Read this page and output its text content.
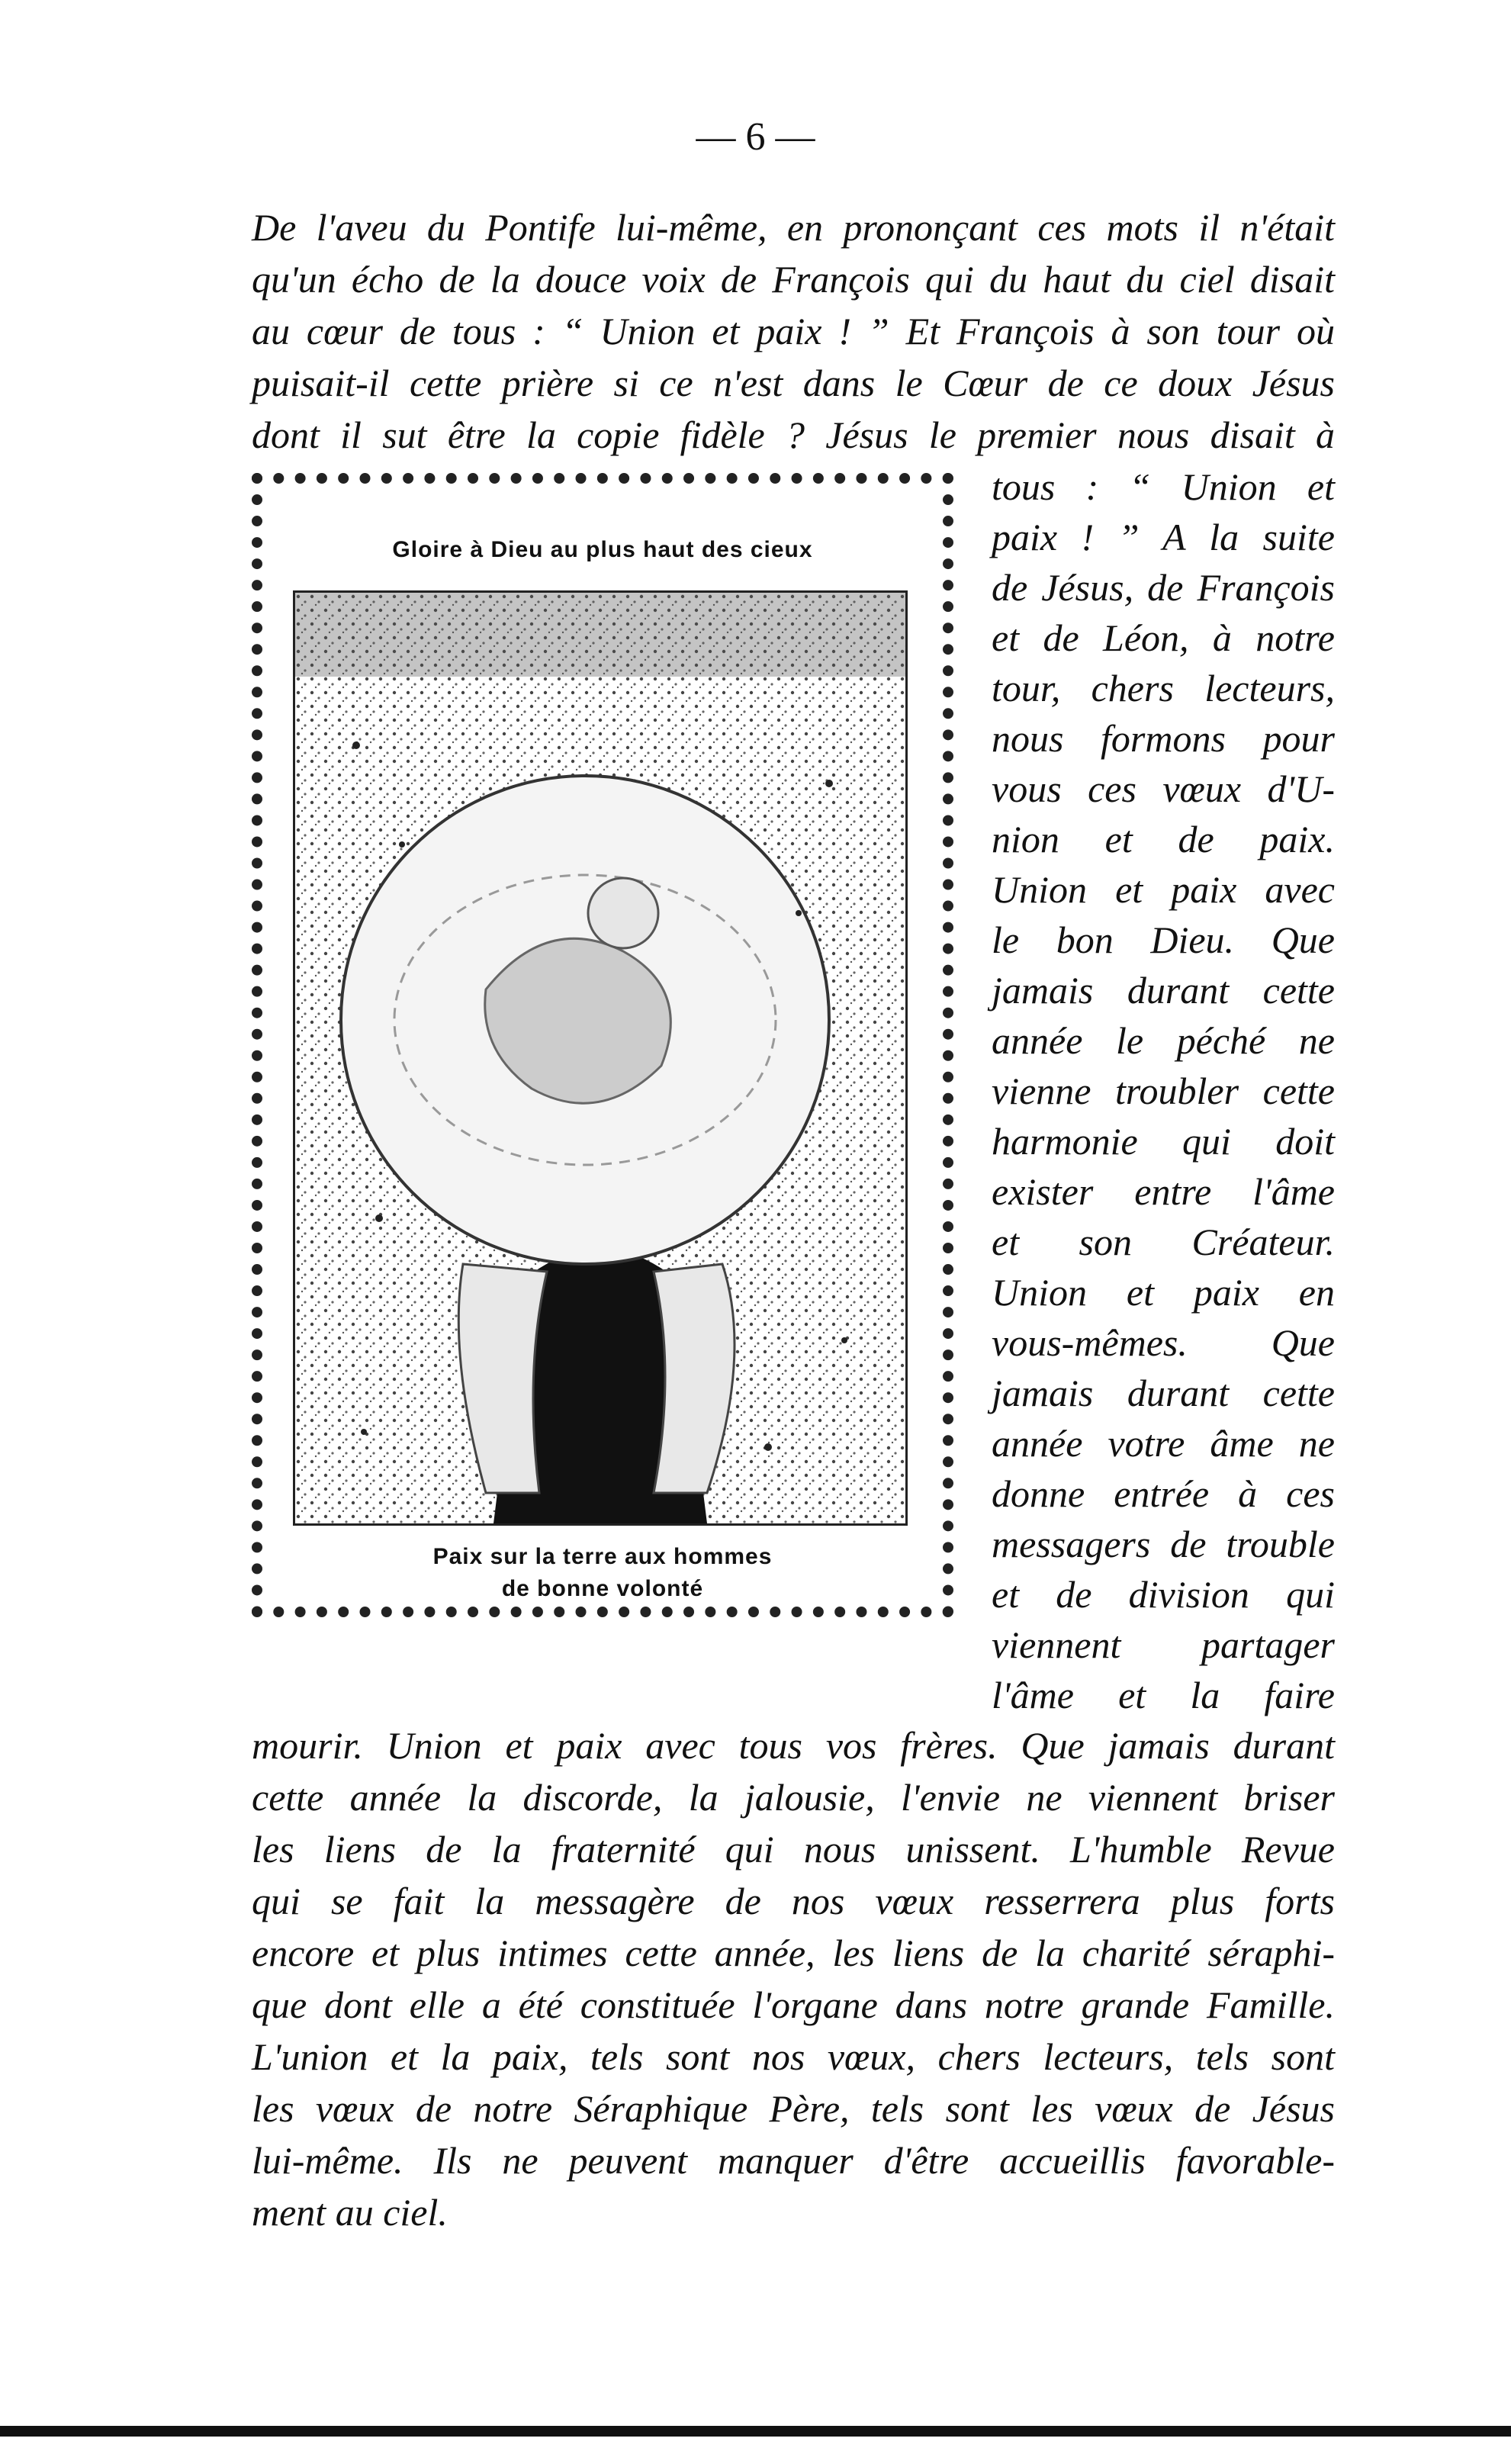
— 6 —
De l'aveu du Pontife lui-même, en prononçant ces mots il n'était
qu'un écho de la douce voix de François qui du haut du ciel disait
au cœur de tous : “ Union et paix ! ” Et François à son tour où
puisait-il cette prière si ce n'est dans le Cœur de ce doux Jésus
dont il sut être la copie fidèle ? Jésus le premier nous disait à
Gloire à Dieu au plus haut des cieux
Paix sur la terre aux hommes
de bonne volonté
tous : “ Union et
paix ! ” A la suite
de Jésus, de François
et de Léon, à notre
tour, chers lecteurs,
nous formons pour
vous ces vœux d'U-
nion et de paix.
Union et paix avec
le bon Dieu. Que
jamais durant cette
année le péché ne
vienne troubler cette
harmonie qui doit
exister entre l'âme
et son Créateur.
Union et paix en
vous-mêmes. Que
jamais durant cette
année votre âme ne
donne entrée à ces
messagers de trouble
et de division qui
viennent partager
l'âme et la faire
mourir. Union et paix avec tous vos frères. Que jamais durant
cette année la discorde, la jalousie, l'envie ne viennent briser
les liens de la fraternité qui nous unissent. L'humble Revue
qui se fait la messagère de nos vœux resserrera plus forts
encore et plus intimes cette année, les liens de la charité séraphi-
que dont elle a été constituée l'organe dans notre grande Famille.
L'union et la paix, tels sont nos vœux, chers lecteurs, tels sont
les vœux de notre Séraphique Père, tels sont les vœux de Jésus
lui-même. Ils ne peuvent manquer d'être accueillis favorable-
ment au ciel.
